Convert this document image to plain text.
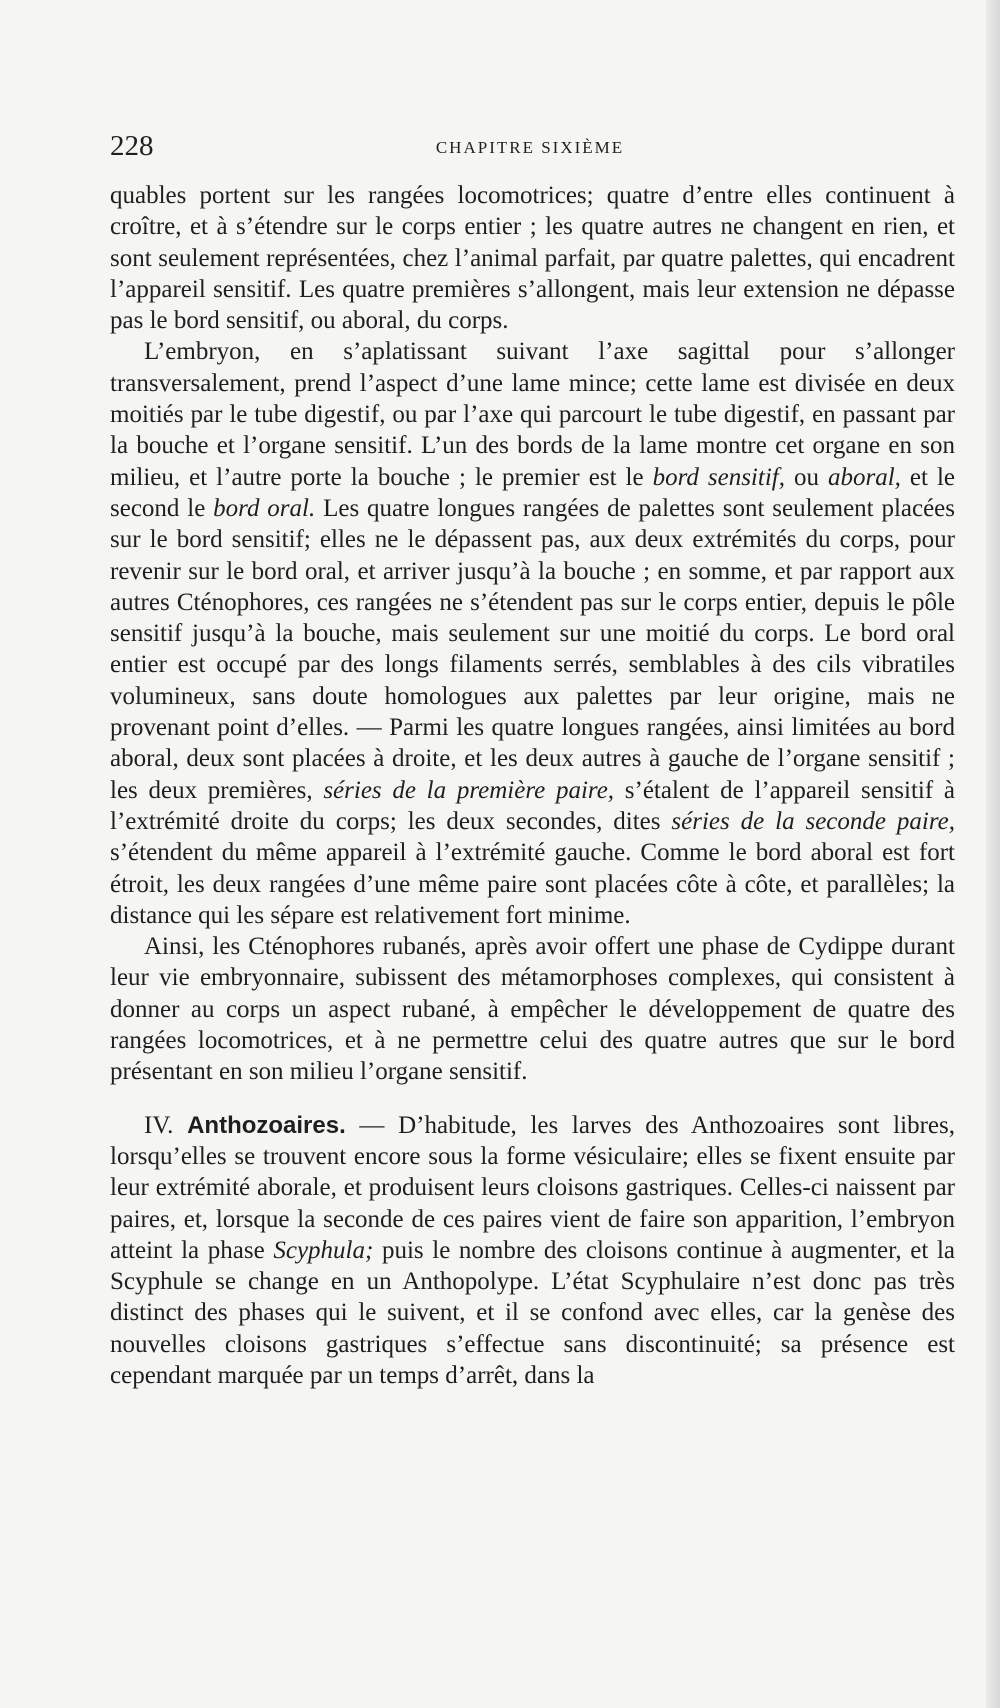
228	CHAPITRE SIXIÈME

quables portent sur les rangées locomotrices; quatre d’entre elles continuent à croître, et à s’étendre sur le corps entier ; les quatre autres ne changent en rien, et sont seulement représentées, chez l’animal parfait, par quatre palettes, qui encadrent l’appareil sensitif. Les quatre premières s’allongent, mais leur extension ne dépasse pas le bord sensitif, ou aboral, du corps.

L’embryon, en s’aplatissant suivant l’axe sagittal pour s’allonger transversalement, prend l’aspect d’une lame mince; cette lame est divisée en deux moitiés par le tube digestif, ou par l’axe qui parcourt le tube digestif, en passant par la bouche et l’organe sensitif. L’un des bords de la lame montre cet organe en son milieu, et l’autre porte la bouche ; le premier est le bord sensitif, ou aboral, et le second le bord oral. Les quatre longues rangées de palettes sont seulement placées sur le bord sensitif; elles ne le dépassent pas, aux deux extrémités du corps, pour revenir sur le bord oral, et arriver jusqu’à la bouche ; en somme, et par rapport aux autres Cténophores, ces rangées ne s’étendent pas sur le corps entier, depuis le pôle sensitif jusqu’à la bouche, mais seulement sur une moitié du corps. Le bord oral entier est occupé par des longs filaments serrés, semblables à des cils vibratiles volumineux, sans doute homologues aux palettes par leur origine, mais ne provenant point d’elles. — Parmi les quatre longues rangées, ainsi limitées au bord aboral, deux sont placées à droite, et les deux autres à gauche de l’organe sensitif ; les deux premières, séries de la première paire, s’étalent de l’appareil sensitif à l’extrémité droite du corps; les deux secondes, dites séries de la seconde paire, s’étendent du même appareil à l’extrémité gauche. Comme le bord aboral est fort étroit, les deux rangées d’une même paire sont placées côte à côte, et parallèles; la distance qui les sépare est relativement fort minime.

Ainsi, les Cténophores rubanés, après avoir offert une phase de Cydippe durant leur vie embryonnaire, subissent des métamorphoses complexes, qui consistent à donner au corps un aspect rubané, à empêcher le développement de quatre des rangées locomotrices, et à ne permettre celui des quatre autres que sur le bord présentant en son milieu l’organe sensitif.

IV. Anthozoaires. — D’habitude, les larves des Anthozoaires sont libres, lorsqu’elles se trouvent encore sous la forme vésiculaire; elles se fixent ensuite par leur extrémité aborale, et produisent leurs cloisons gastriques. Celles-ci naissent par paires, et, lorsque la seconde de ces paires vient de faire son apparition, l’embryon atteint la phase Scyphula; puis le nombre des cloisons continue à augmenter, et la Scyphule se change en un Anthopolype. L’état Scyphulaire n’est donc pas très distinct des phases qui le suivent, et il se confond avec elles, car la genèse des nouvelles cloisons gastriques s’effectue sans discontinuité; sa présence est cependant marquée par un temps d’arrêt, dans la
